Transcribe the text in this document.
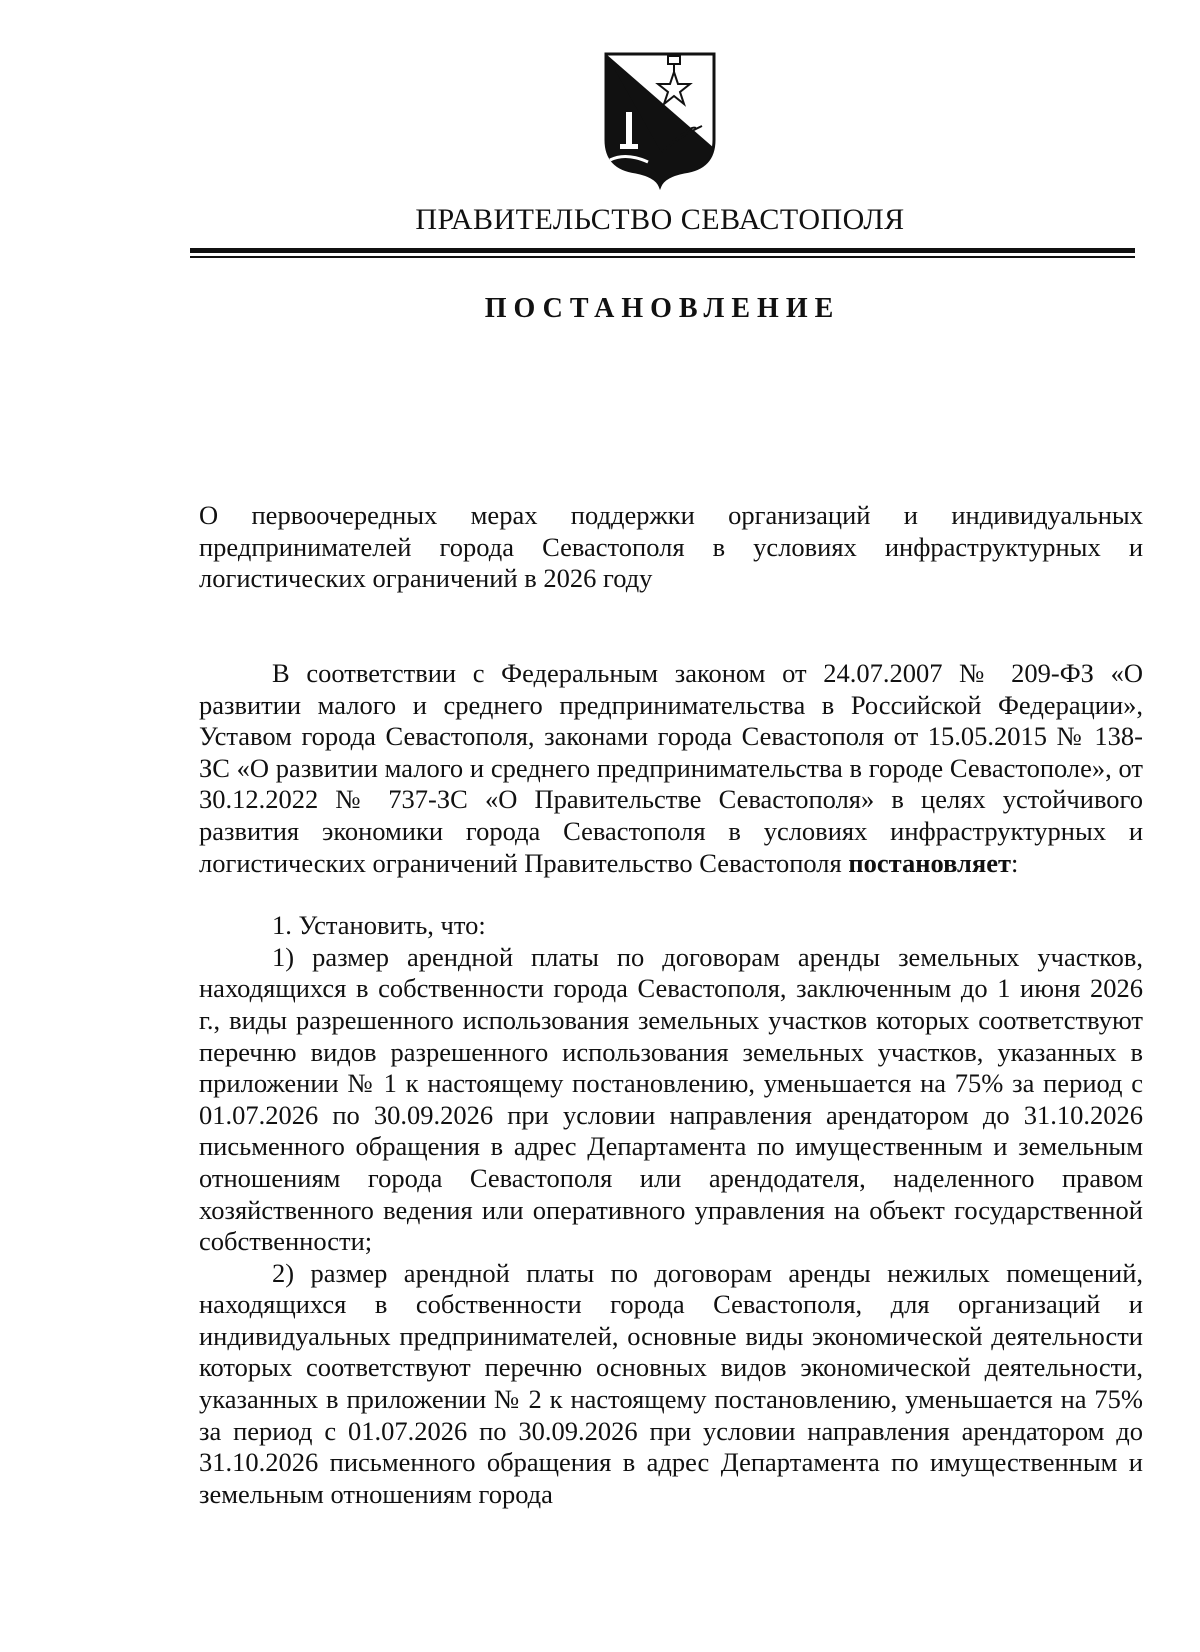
ПРАВИТЕЛЬСТВО СЕВАСТОПОЛЯ
ПОСТАНОВЛЕНИЕ
О первоочередных мерах поддержки организаций и индивидуальных предпринимателей города Севастополя в условиях инфраструктурных и логистических ограничений в 2026 году

В соответствии с Федеральным законом от 24.07.2007 № 209-ФЗ «О развитии малого и среднего предпринимательства в Российской Федерации», Уставом города Севастополя, законами города Севастополя от 15.05.2015 № 138-ЗС «О развитии малого и среднего предпринимательства в городе Севастополе», от 30.12.2022 № 737-ЗС «О Правительстве Севастополя» в целях устойчивого развития экономики города Севастополя в условиях инфраструктурных и логистических ограничений Правительство Севастополя постановляет:

1. Установить, что:

1) размер арендной платы по договорам аренды земельных участков, находящихся в собственности города Севастополя, заключенным до 1 июня 2026 г., виды разрешенного использования земельных участков которых соответствуют перечню видов разрешенного использования земельных участков, указанных в приложении № 1 к настоящему постановлению, уменьшается на 75% за период с 01.07.2026 по 30.09.2026 при условии направления арендатором до 31.10.2026 письменного обращения в адрес Департамента по имущественным и земельным отношениям города Севастополя или арендодателя, наделенного правом хозяйственного ведения или оперативного управления на объект государственной собственности;

2) размер арендной платы по договорам аренды нежилых помещений, находящихся в собственности города Севастополя, для организаций и индивидуальных предпринимателей, основные виды экономической деятельности которых соответствуют перечню основных видов экономической деятельности, указанных в приложении № 2 к настоящему постановлению, уменьшается на 75% за период с 01.07.2026 по 30.09.2026 при условии направления арендатором до 31.10.2026 письменного обращения в адрес Департамента по имущественным и земельным отношениям города
